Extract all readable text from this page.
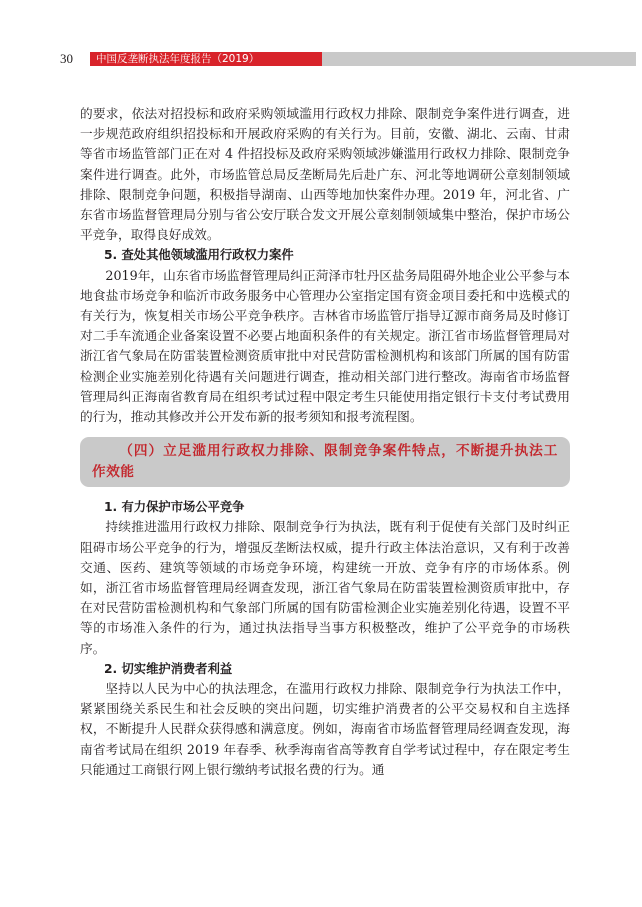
30	中国反垄断执法年度报告（2019）

的要求，依法对招投标和政府采购领域滥用行政权力排除、限制竞争案件进行调查，进一步规范政府组织招投标和开展政府采购的有关行为。目前，安徽、湖北、云南、甘肃等省市场监管部门正在对 4 件招投标及政府采购领域涉嫌滥用行政权力排除、限制竞争案件进行调查。此外，市场监管总局反垄断局先后赴广东、河北等地调研公章刻制领域排除、限制竞争问题，积极指导湖南、山西等地加快案件办理。2019 年，河北省、广东省市场监督管理局分别与省公安厅联合发文开展公章刻制领域集中整治，保护市场公平竞争，取得良好成效。

5. 查处其他领域滥用行政权力案件

2019年，山东省市场监督管理局纠正菏泽市牡丹区盐务局阻碍外地企业公平参与本地食盐市场竞争和临沂市政务服务中心管理办公室指定国有资金项目委托和中选模式的有关行为，恢复相关市场公平竞争秩序。吉林省市场监管厅指导辽源市商务局及时修订对二手车流通企业备案设置不必要占地面积条件的有关规定。浙江省市场监督管理局对浙江省气象局在防雷装置检测资质审批中对民营防雷检测机构和该部门所属的国有防雷检测企业实施差别化待遇有关问题进行调查，推动相关部门进行整改。海南省市场监督管理局纠正海南省教育局在组织考试过程中限定考生只能使用指定银行卡支付考试费用的行为，推动其修改并公开发布新的报考须知和报考流程图。

（四）立足滥用行政权力排除、限制竞争案件特点，不断提升执法工作效能
1. 有力保护市场公平竞争

持续推进滥用行政权力排除、限制竞争行为执法，既有利于促使有关部门及时纠正阻碍市场公平竞争的行为，增强反垄断法权威，提升行政主体法治意识，又有利于改善交通、医药、建筑等领域的市场竞争环境，构建统一开放、竞争有序的市场体系。例如，浙江省市场监督管理局经调查发现，浙江省气象局在防雷装置检测资质审批中，存在对民营防雷检测机构和气象部门所属的国有防雷检测企业实施差别化待遇，设置不平等的市场准入条件的行为，通过执法指导当事方积极整改，维护了公平竞争的市场秩序。

2. 切实维护消费者利益

坚持以人民为中心的执法理念，在滥用行政权力排除、限制竞争行为执法工作中，紧紧围绕关系民生和社会反映的突出问题，切实维护消费者的公平交易权和自主选择权，不断提升人民群众获得感和满意度。例如，海南省市场监督管理局经调查发现，海南省考试局在组织 2019 年春季、秋季海南省高等教育自学考试过程中，存在限定考生只能通过工商银行网上银行缴纳考试报名费的行为。通
